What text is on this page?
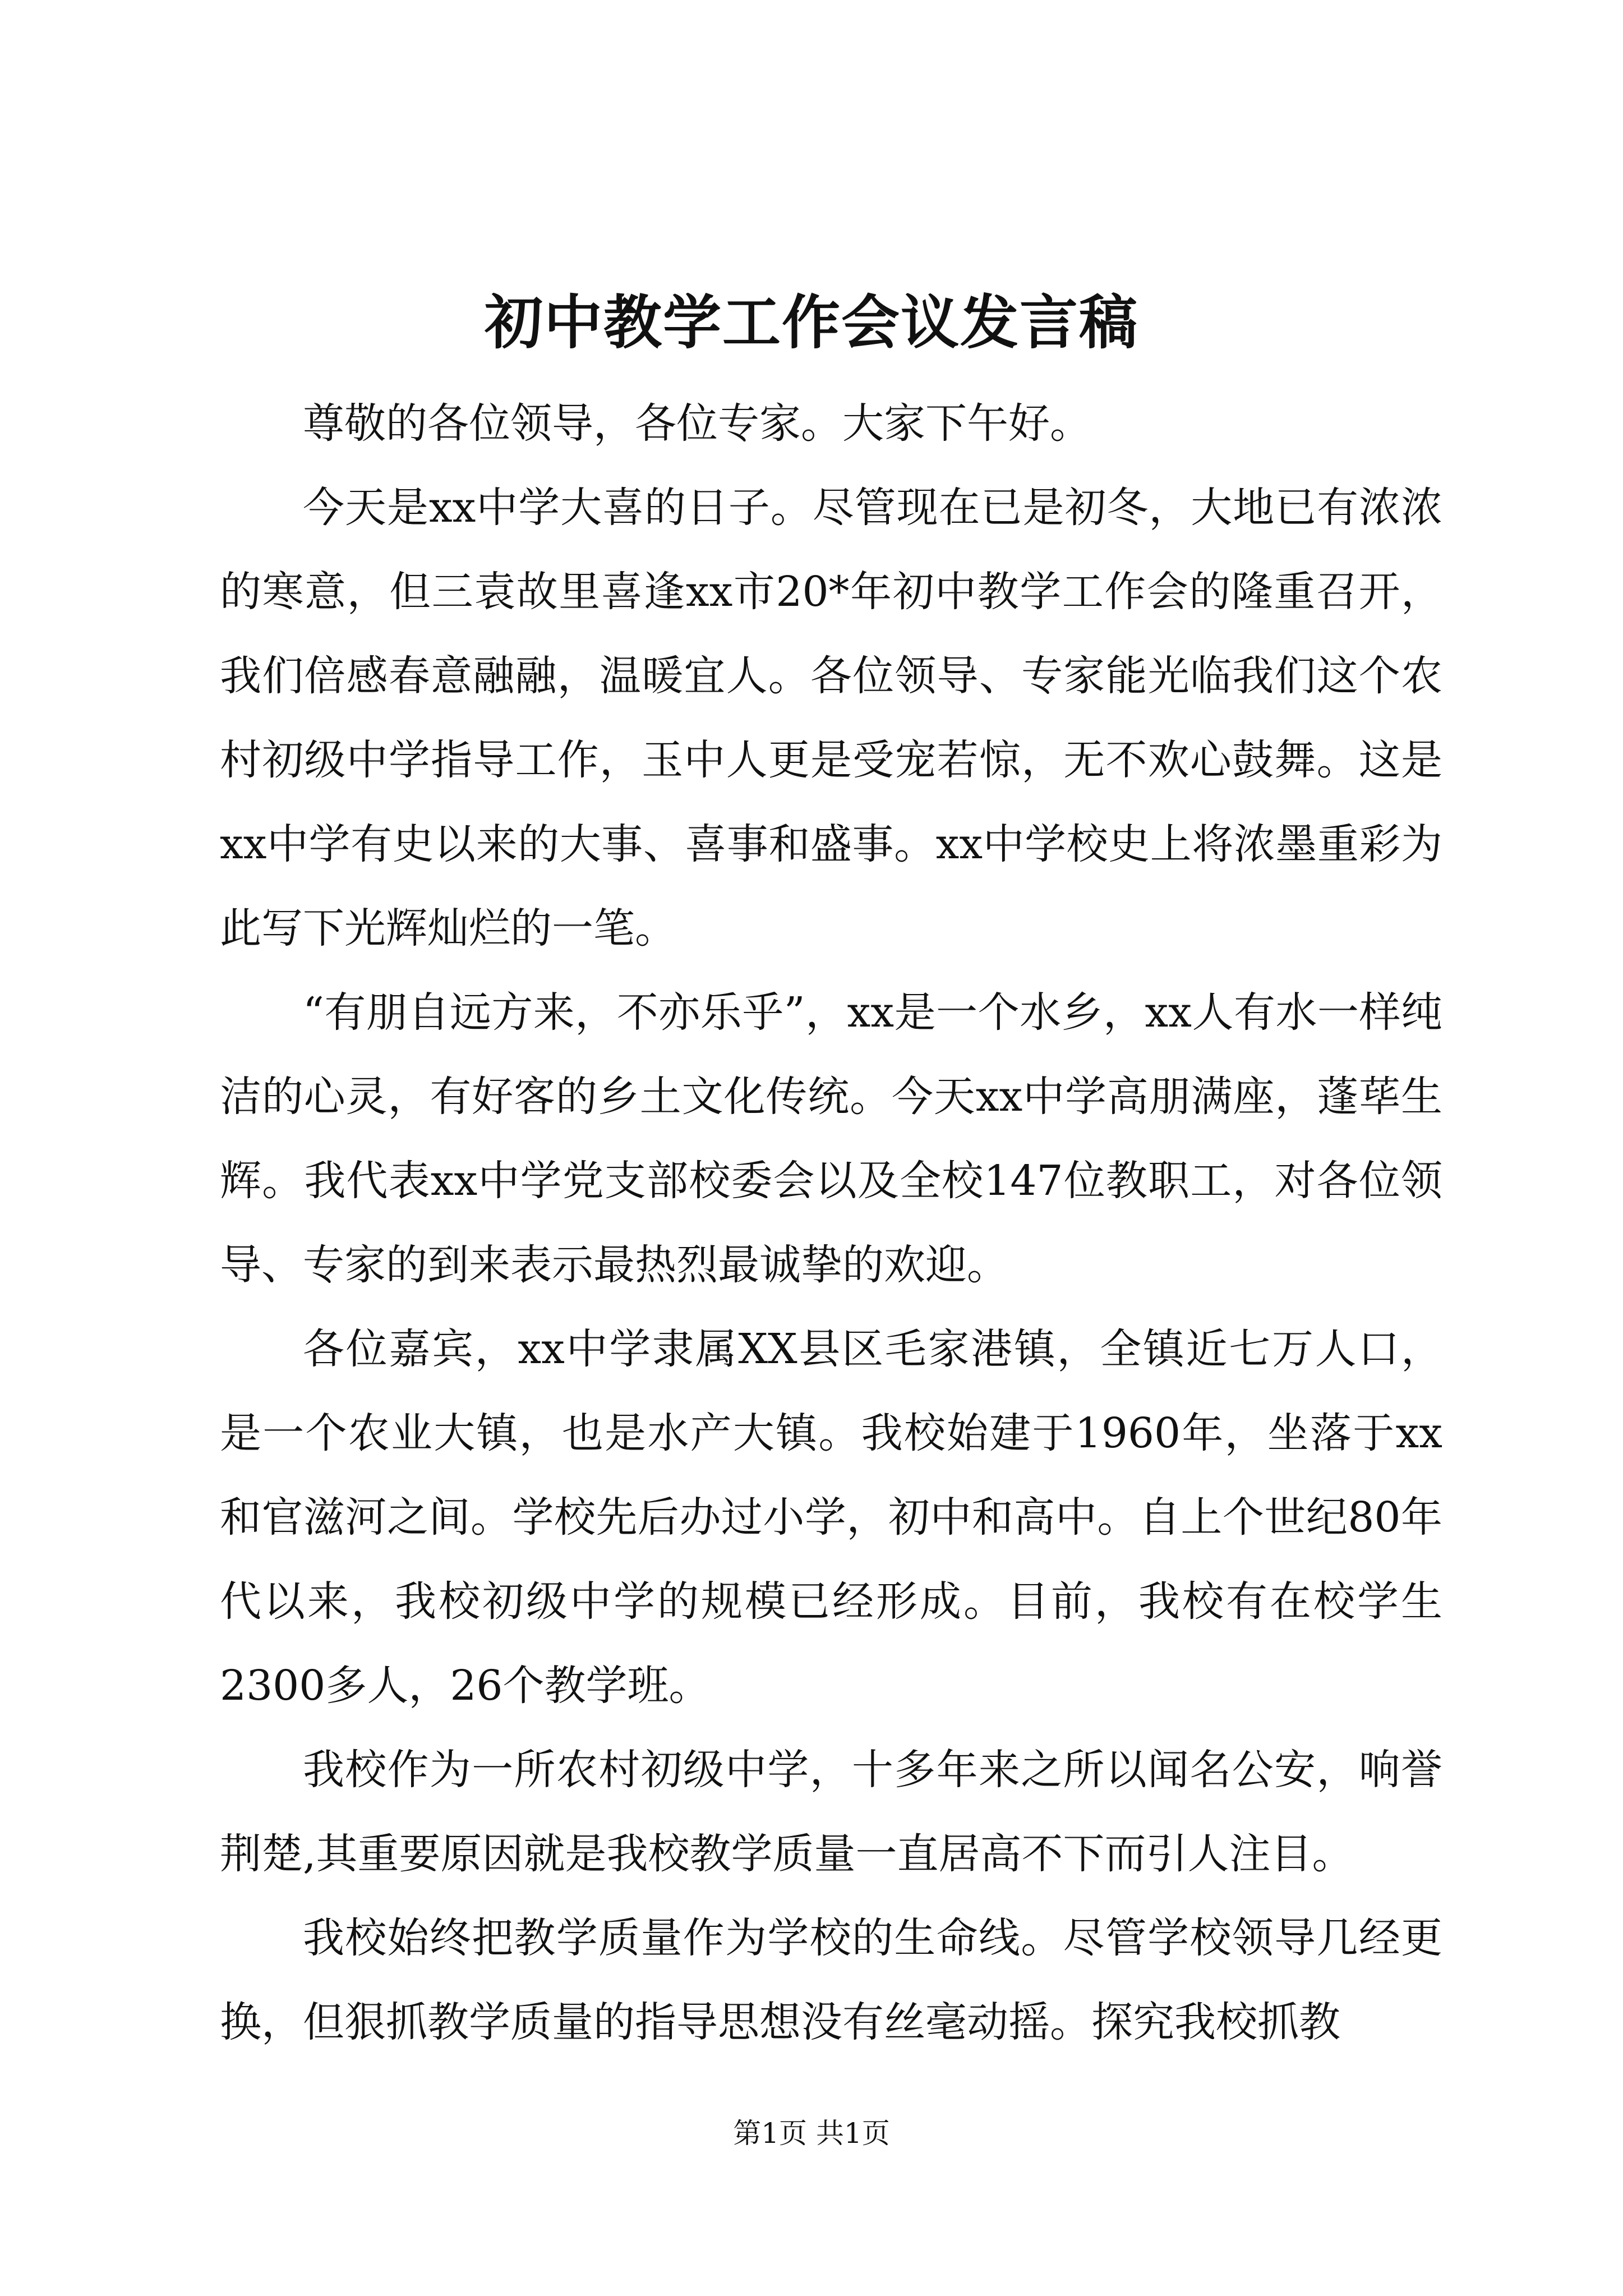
初中教学工作会议发言稿

尊敬的各位领导，各位专家。大家下午好。

今天是xx中学大喜的日子。尽管现在已是初冬，大地已有浓浓的寒意，但三袁故里喜逢xx市20*年初中教学工作会的隆重召开，我们倍感春意融融，温暖宜人。各位领导、专家能光临我们这个农村初级中学指导工作，玉中人更是受宠若惊，无不欢心鼓舞。这是xx中学有史以来的大事、喜事和盛事。xx中学校史上将浓墨重彩为此写下光辉灿烂的一笔。

“有朋自远方来，不亦乐乎”，xx是一个水乡，xx人有水一样纯洁的心灵，有好客的乡土文化传统。今天xx中学高朋满座，蓬荜生辉。我代表xx中学党支部校委会以及全校147位教职工，对各位领导、专家的到来表示最热烈最诚挚的欢迎。

各位嘉宾，xx中学隶属XX县区毛家港镇，全镇近七万人口，是一个农业大镇，也是水产大镇。我校始建于1960年，坐落于xx和官滋河之间。学校先后办过小学，初中和高中。自上个世纪80年代以来，我校初级中学的规模已经形成。目前，我校有在校学生2300多人，26个教学班。

我校作为一所农村初级中学，十多年来之所以闻名公安，响誉荆楚,其重要原因就是我校教学质量一直居高不下而引人注目。

我校始终把教学质量作为学校的生命线。尽管学校领导几经更换，但狠抓教学质量的指导思想没有丝毫动摇。探究我校抓教

第1页 共1页
